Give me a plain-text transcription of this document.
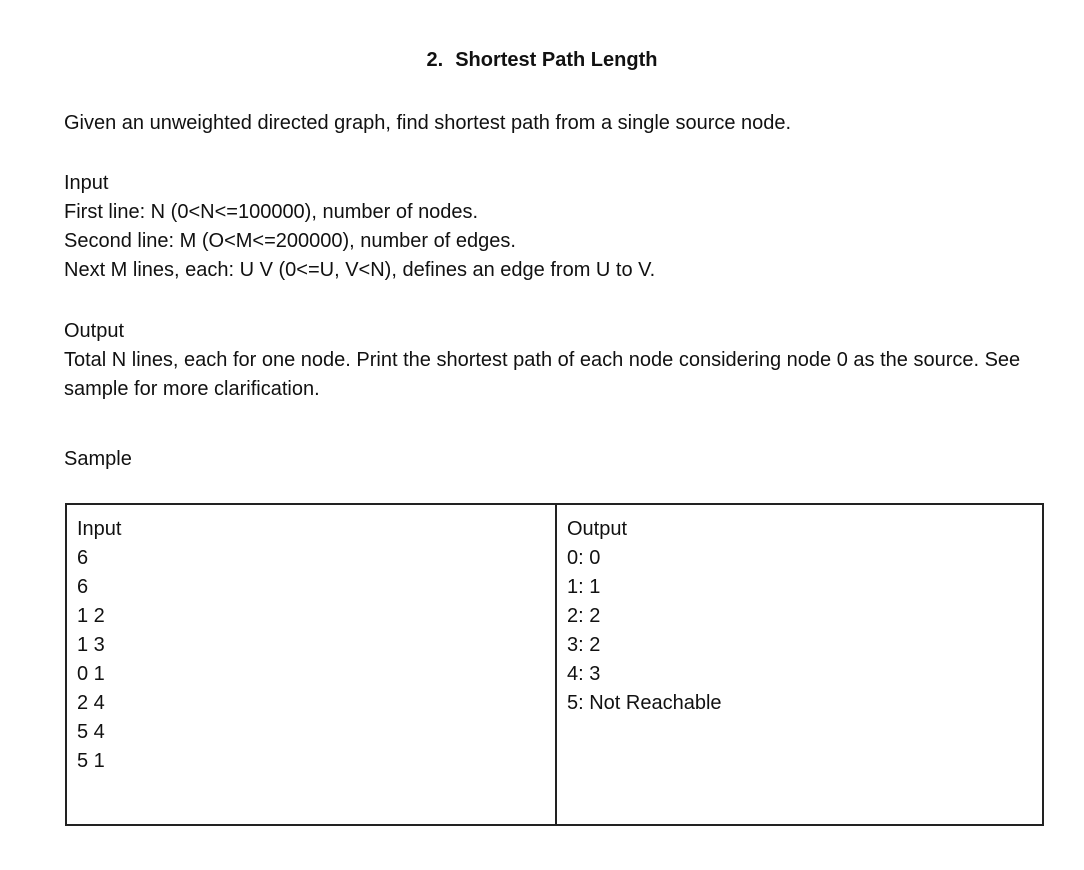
2. Shortest Path Length
Given an unweighted directed graph, find shortest path from a single source node.
Input
First line: N (0<N<=100000), number of nodes.
Second line: M (O<M<=200000), number of edges.
Next M lines, each: U V (0<=U, V<N), defines an edge from U to V.
Output
Total N lines, each for one node. Print the shortest path of each node considering node 0 as the source. See sample for more clarification.
Sample
Input
6
6
1 2
1 3
0 1
2 4
5 4
5 1
Output
0: 0
1: 1
2: 2
3: 2
4: 3
5: Not Reachable
